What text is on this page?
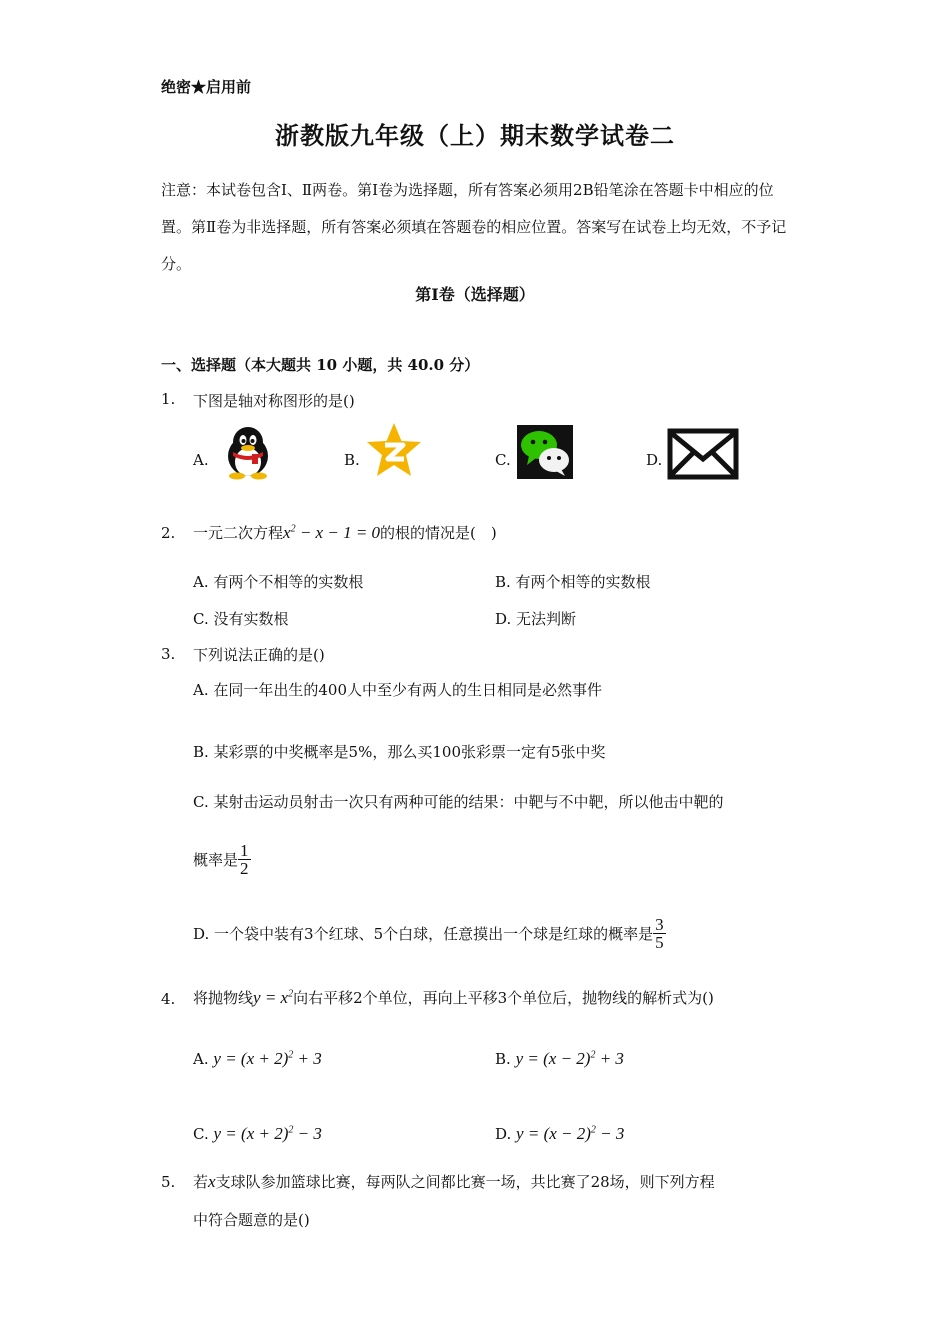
绝密★启用前
浙教版九年级（上）期末数学试卷二
注意：本试卷包含Ⅰ、Ⅱ两卷。第Ⅰ卷为选择题，所有答案必须用2B铅笔涂在答题卡中相应的位置。第Ⅱ卷为非选择题，所有答案必须填在答题卷的相应位置。答案写在试卷上均无效，不予记分。
第Ⅰ卷（选择题）
一、选择题（本大题共 10 小题，共 40.0 分）
1. 下图是轴对称图形的是()
A.	B.	C.	D.
2. 一元二次方程$x^2 - x - 1 = 0$的根的情况是(　)
A. 有两个不相等的实数根	B. 有两个相等的实数根
C. 没有实数根	D. 无法判断
3. 下列说法正确的是()
A. 在同一年出生的400人中至少有两人的生日相同是必然事件
B. 某彩票的中奖概率是5%，那么买100张彩票一定有5张中奖
C. 某射击运动员射击一次只有两种可能的结果：中靶与不中靶，所以他击中靶的
概率是 $\frac{1}{2}$
D. 一个袋中装有3个红球、5个白球，任意摸出一个球是红球的概率是 $\frac{3}{5}$
4. 将抛物线$y = x^2$向右平移2个单位，再向上平移3个单位后，抛物线的解析式为()
A. $y = (x + 2)^2 + 3$	B. $y = (x - 2)^2 + 3$
C. $y = (x + 2)^2 - 3$	D. $y = (x - 2)^2 - 3$
5. 若x支球队参加篮球比赛，每两队之间都比赛一场，共比赛了28场，则下列方程
中符合题意的是()
